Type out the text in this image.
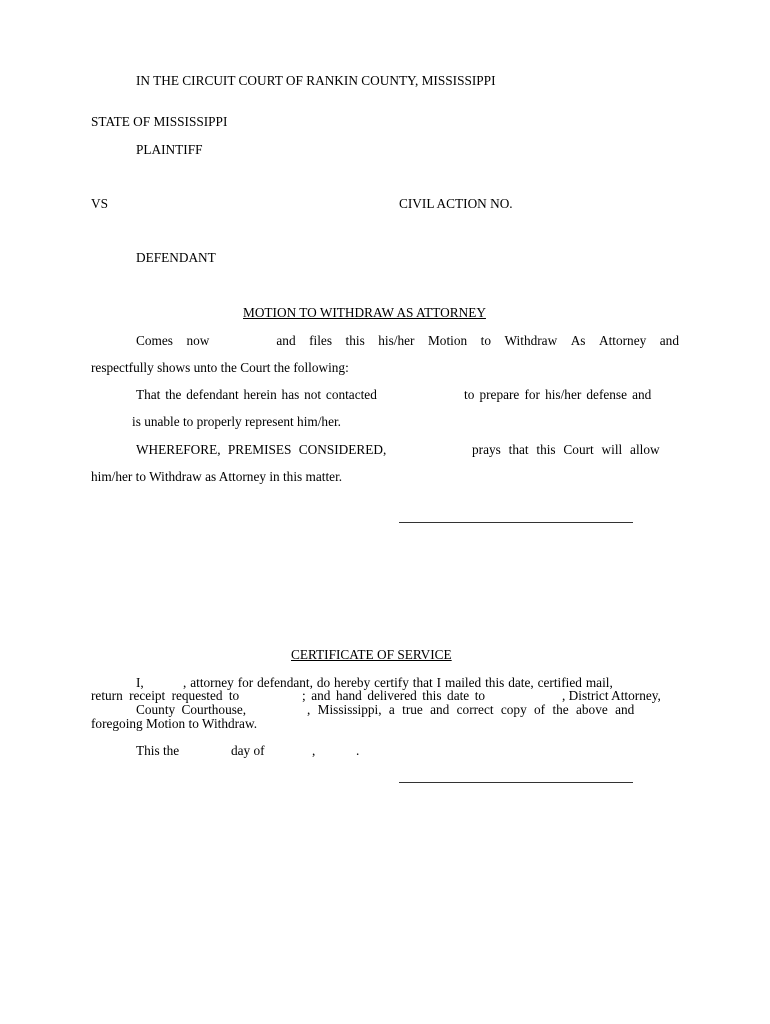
IN THE CIRCUIT COURT OF RANKIN COUNTY, MISSISSIPPI
STATE OF MISSISSIPPI
PLAINTIFF
VS	CIVIL ACTION NO.
DEFENDANT
MOTION TO WITHDRAW AS ATTORNEY
Comes now	and files this his/her Motion to Withdraw As Attorney and
respectfully shows unto the Court the following:
That the defendant herein has not contacted	to prepare for his/her defense and
is unable to properly represent him/her.
WHEREFORE, PREMISES CONSIDERED,	prays that this Court will allow
him/her to Withdraw as Attorney in this matter.
CERTIFICATE OF SERVICE
I,          , attorney for defendant, do hereby certify that I mailed this date, certified mail,
return receipt requested to	; and hand delivered this date to	, District Attorney,
County Courthouse,	, Mississippi, a true and correct copy of the above and
foregoing Motion to Withdraw.
This the	day of	,	.
